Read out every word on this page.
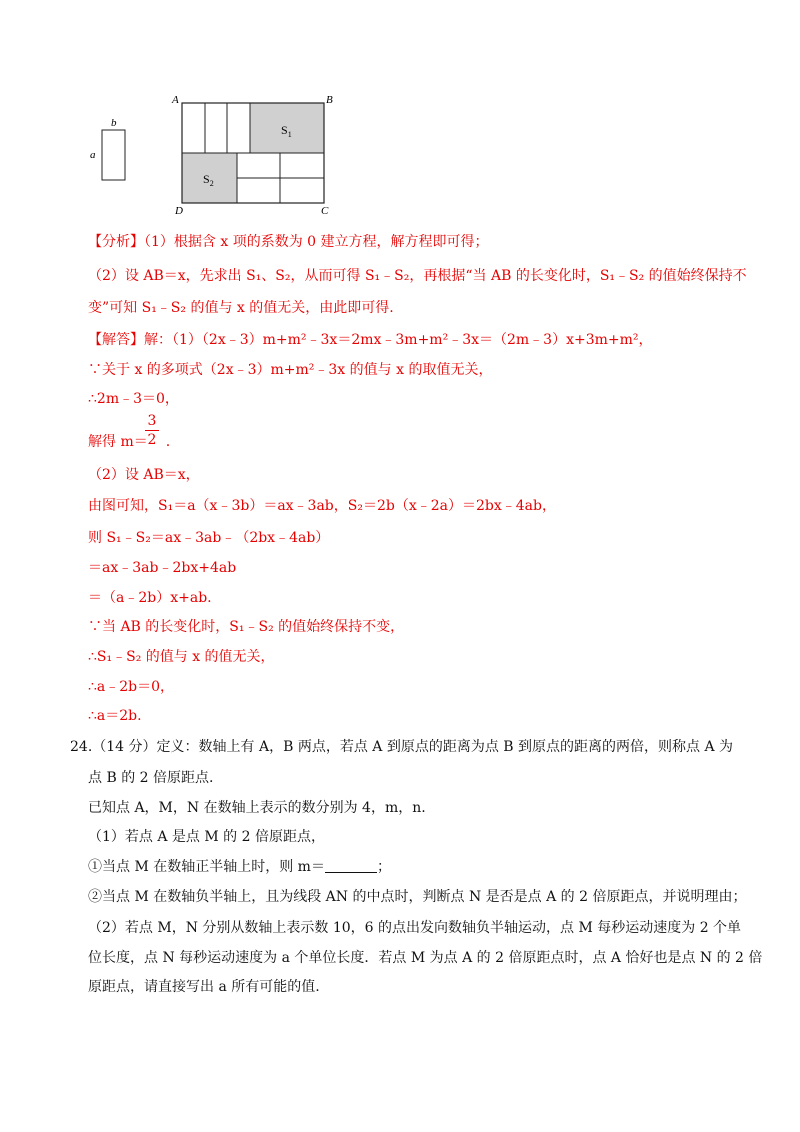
b
a
A	B
C
D
$S_1$
$S_2$
【分析】（1）根据含 x 项的系数为 0 建立方程，解方程即可得；
（2）设 AB＝x，先求出 S₁、S₂，从而可得 S₁﹣S₂，再根据“当 AB 的长变化时，S₁﹣S₂ 的值始终保持不
变”可知 S₁﹣S₂ 的值与 x 的值无关，由此即可得.
【解答】解：（1）（2x﹣3）m+m²﹣3x＝2mx﹣3m+m²﹣3x＝（2m﹣3）x+3m+m²，
∵关于 x 的多项式（2x﹣3）m+m²﹣3x 的值与 x 的取值无关，
∴2m﹣3＝0，
解得 m＝ .
3
2
（2）设 AB＝x，
由图可知，S₁＝a（x﹣3b）＝ax﹣3ab，S₂＝2b（x﹣2a）＝2bx﹣4ab，
则 S₁﹣S₂＝ax﹣3ab﹣（2bx﹣4ab）
＝ax﹣3ab﹣2bx+4ab
＝（a﹣2b）x+ab.
∵当 AB 的长变化时，S₁﹣S₂ 的值始终保持不变，
∴S₁﹣S₂ 的值与 x 的值无关，
∴a﹣2b＝0，
∴a＝2b.
24.（14 分）定义：数轴上有 A，B 两点，若点 A 到原点的距离为点 B 到原点的距离的两倍，则称点 A 为
点 B 的 2 倍原距点.
已知点 A，M，N 在数轴上表示的数分别为 4，m，n.
（1）若点 A 是点 M 的 2 倍原距点，
①当点 M 在数轴正半轴上时，则 m＝	；
②当点 M 在数轴负半轴上，且为线段 AN 的中点时，判断点 N 是否是点 A 的 2 倍原距点，并说明理由；
（2）若点 M，N 分别从数轴上表示数 10，6 的点出发向数轴负半轴运动，点 M 每秒运动速度为 2 个单
位长度，点 N 每秒运动速度为 a 个单位长度．若点 M 为点 A 的 2 倍原距点时，点 A 恰好也是点 N 的 2 倍
原距点，请直接写出 a 所有可能的值.
